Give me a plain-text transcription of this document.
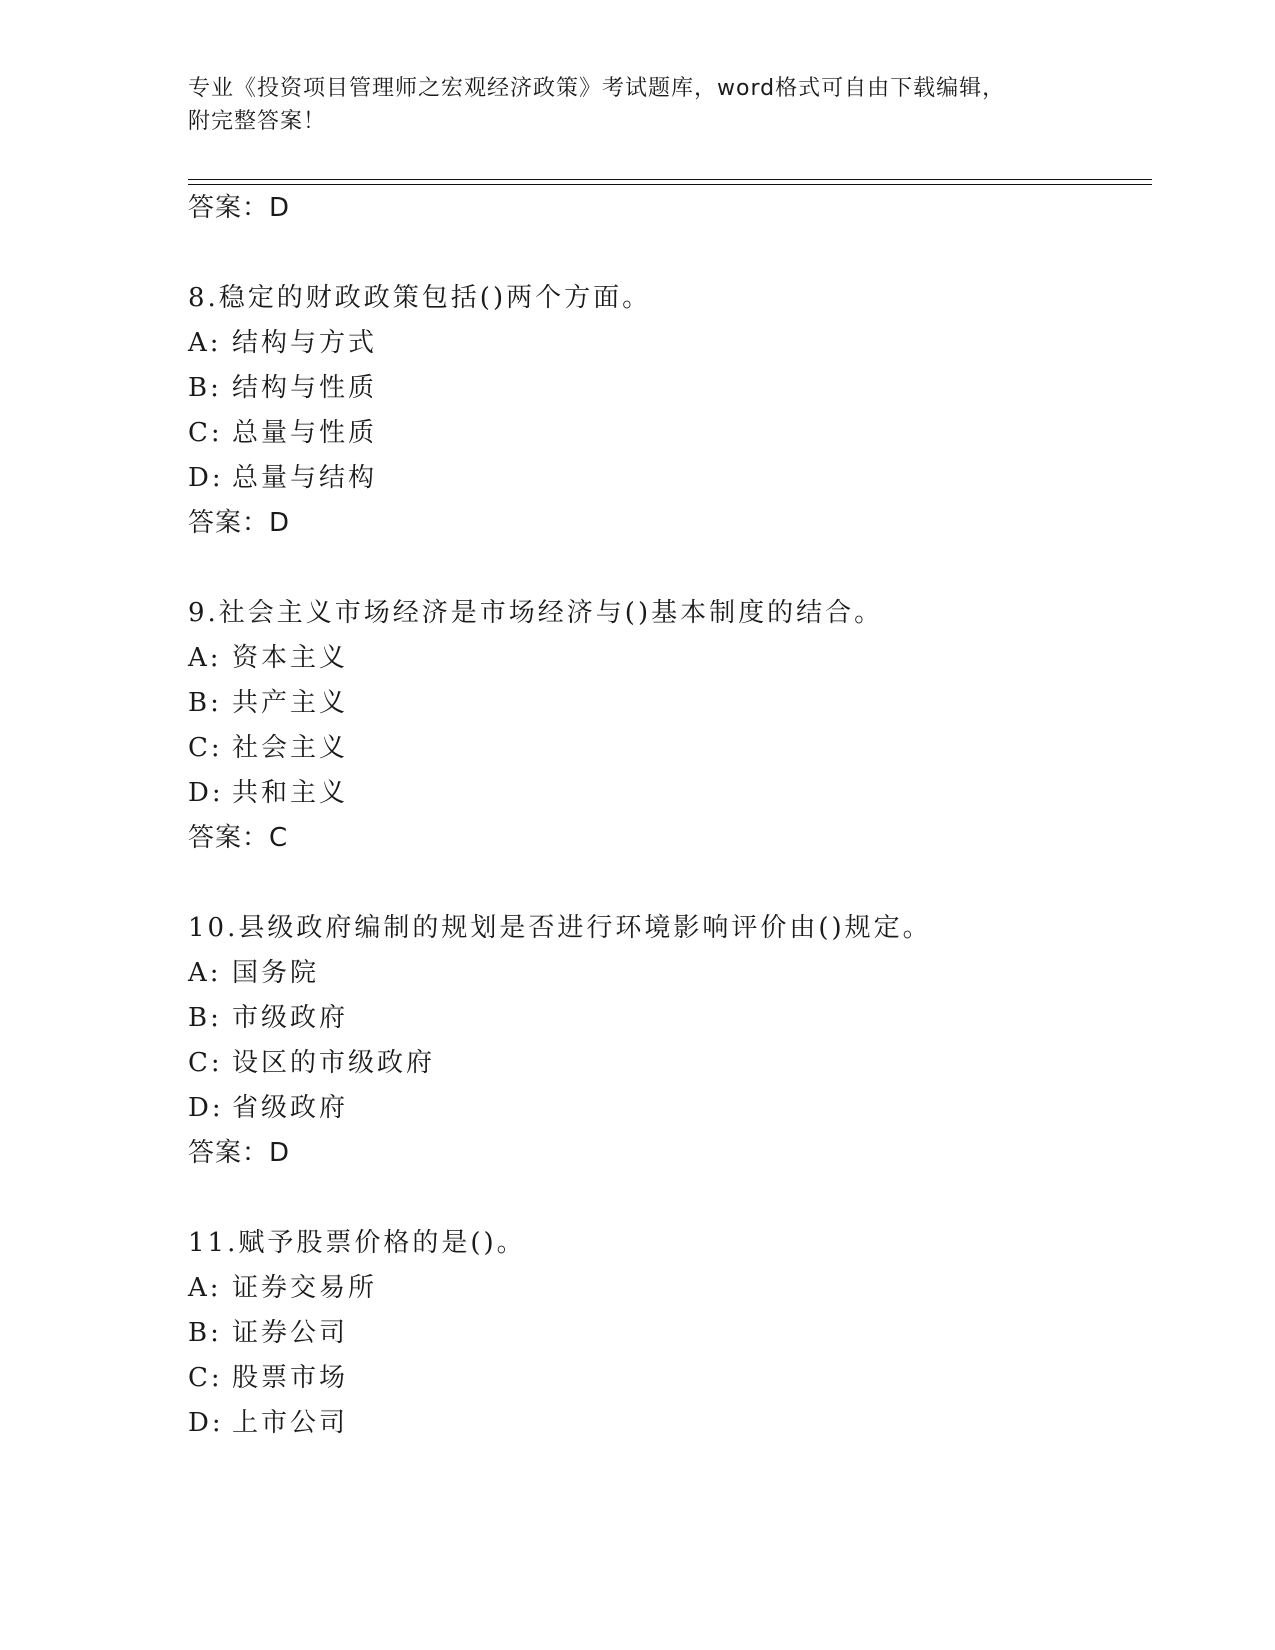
专业《投资项目管理师之宏观经济政策》考试题库，word格式可自由下载编辑，
附完整答案！
答案：D
8.稳定的财政政策包括()两个方面。
A: 结构与方式
B: 结构与性质
C: 总量与性质
D: 总量与结构
答案：D
9.社会主义市场经济是市场经济与()基本制度的结合。
A: 资本主义
B: 共产主义
C: 社会主义
D: 共和主义
答案：C
10.县级政府编制的规划是否进行环境影响评价由()规定。
A: 国务院
B: 市级政府
C: 设区的市级政府
D: 省级政府
答案：D
11.赋予股票价格的是()。
A: 证券交易所
B: 证券公司
C: 股票市场
D: 上市公司
